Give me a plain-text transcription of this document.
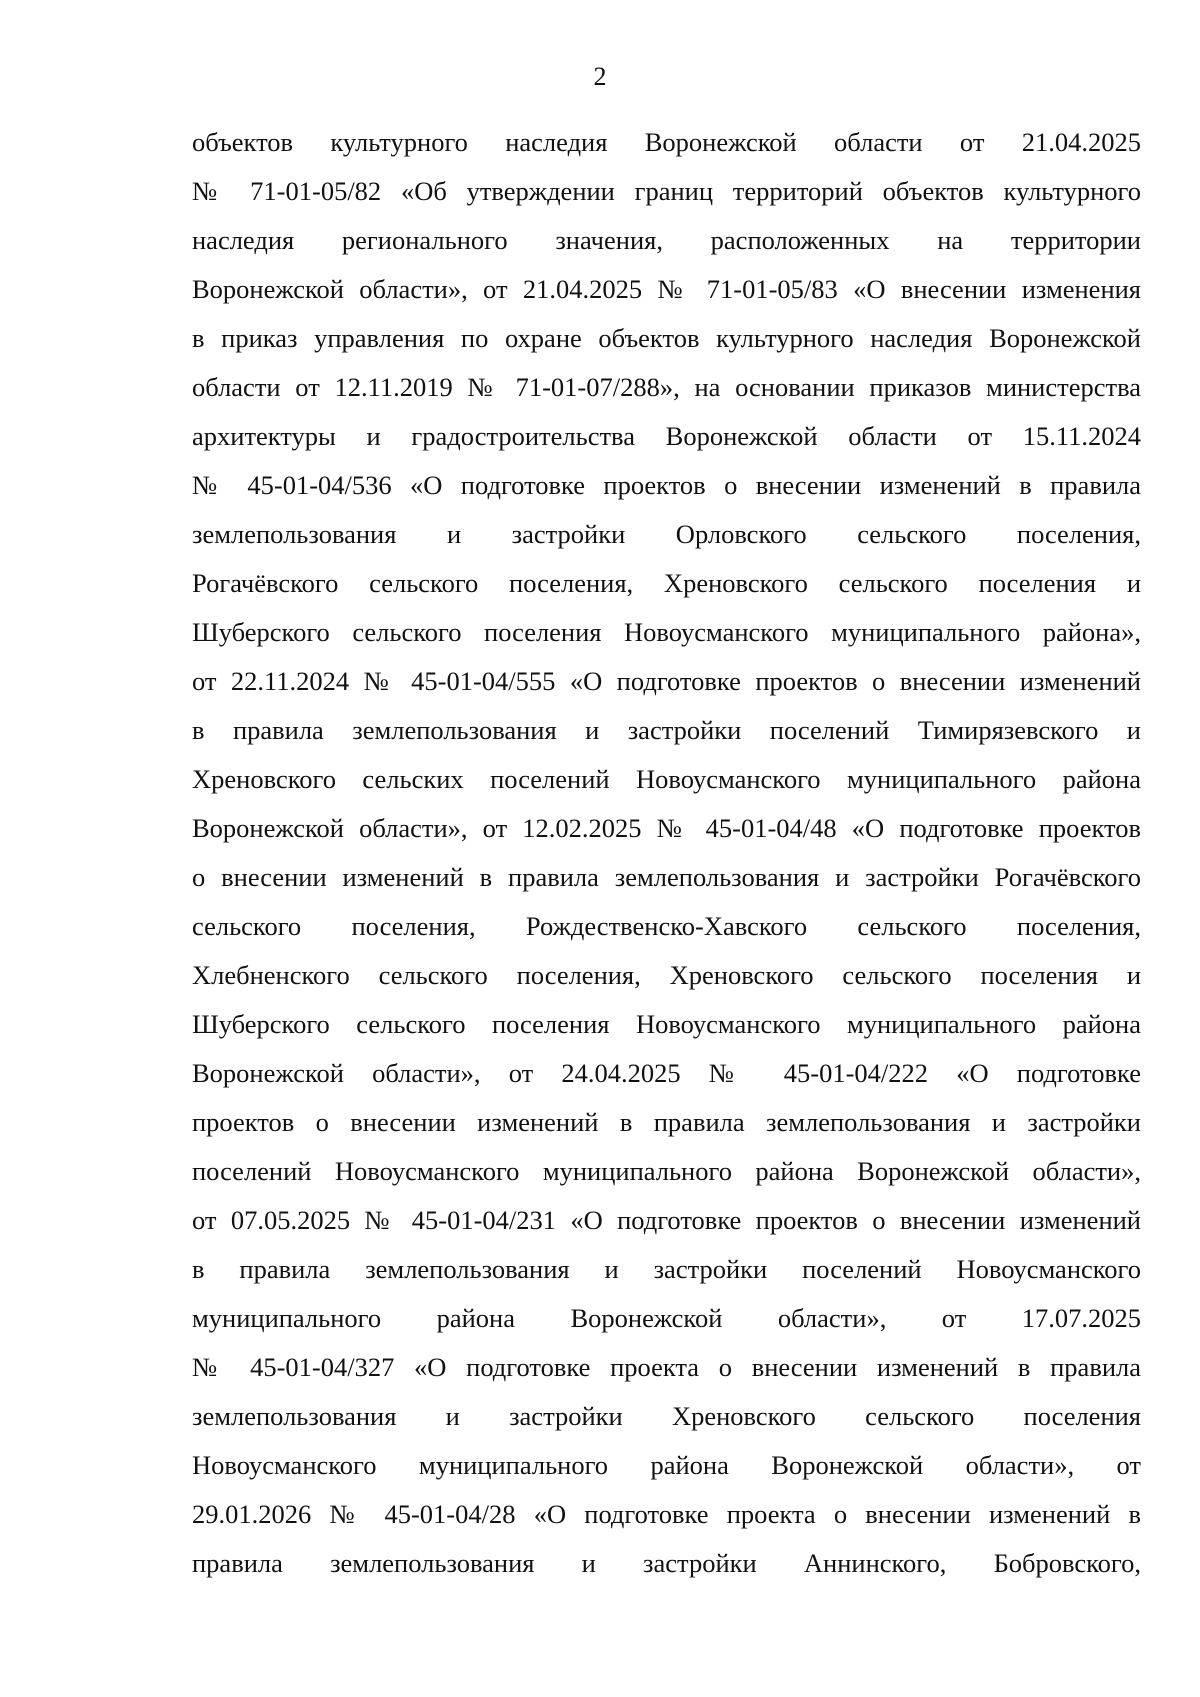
2
объектов культурного наследия Воронежской области от 21.04.2025
№ 71-01-05/82 «Об утверждении границ территорий объектов культурного
наследия регионального значения, расположенных на территории
Воронежской области», от 21.04.2025 № 71-01-05/83 «О внесении изменения
в приказ управления по охране объектов культурного наследия Воронежской
области от 12.11.2019 № 71-01-07/288», на основании приказов министерства
архитектуры и градостроительства Воронежской области от 15.11.2024
№ 45-01-04/536 «О подготовке проектов о внесении изменений в правила
землепользования и застройки Орловского сельского поселения,
Рогачёвского сельского поселения, Хреновского сельского поселения и
Шуберского сельского поселения Новоусманского муниципального района»,
от 22.11.2024 № 45-01-04/555 «О подготовке проектов о внесении изменений
в правила землепользования и застройки поселений Тимирязевского и
Хреновского сельских поселений Новоусманского муниципального района
Воронежской области», от 12.02.2025 № 45-01-04/48 «О подготовке проектов
о внесении изменений в правила землепользования и застройки Рогачёвского
сельского поселения, Рождественско-Хавского сельского поселения,
Хлебненского сельского поселения, Хреновского сельского поселения и
Шуберского сельского поселения Новоусманского муниципального района
Воронежской области», от 24.04.2025 № 45-01-04/222 «О подготовке
проектов о внесении изменений в правила землепользования и застройки
поселений Новоусманского муниципального района Воронежской области»,
от 07.05.2025 № 45-01-04/231 «О подготовке проектов о внесении изменений
в правила землепользования и застройки поселений Новоусманского
муниципального района Воронежской области», от 17.07.2025
№ 45-01-04/327 «О подготовке проекта о внесении изменений в правила
землепользования и застройки Хреновского сельского поселения
Новоусманского муниципального района Воронежской области», от
29.01.2026 № 45-01-04/28 «О подготовке проекта о внесении изменений в
правила землепользования и застройки Аннинского, Бобровского,
